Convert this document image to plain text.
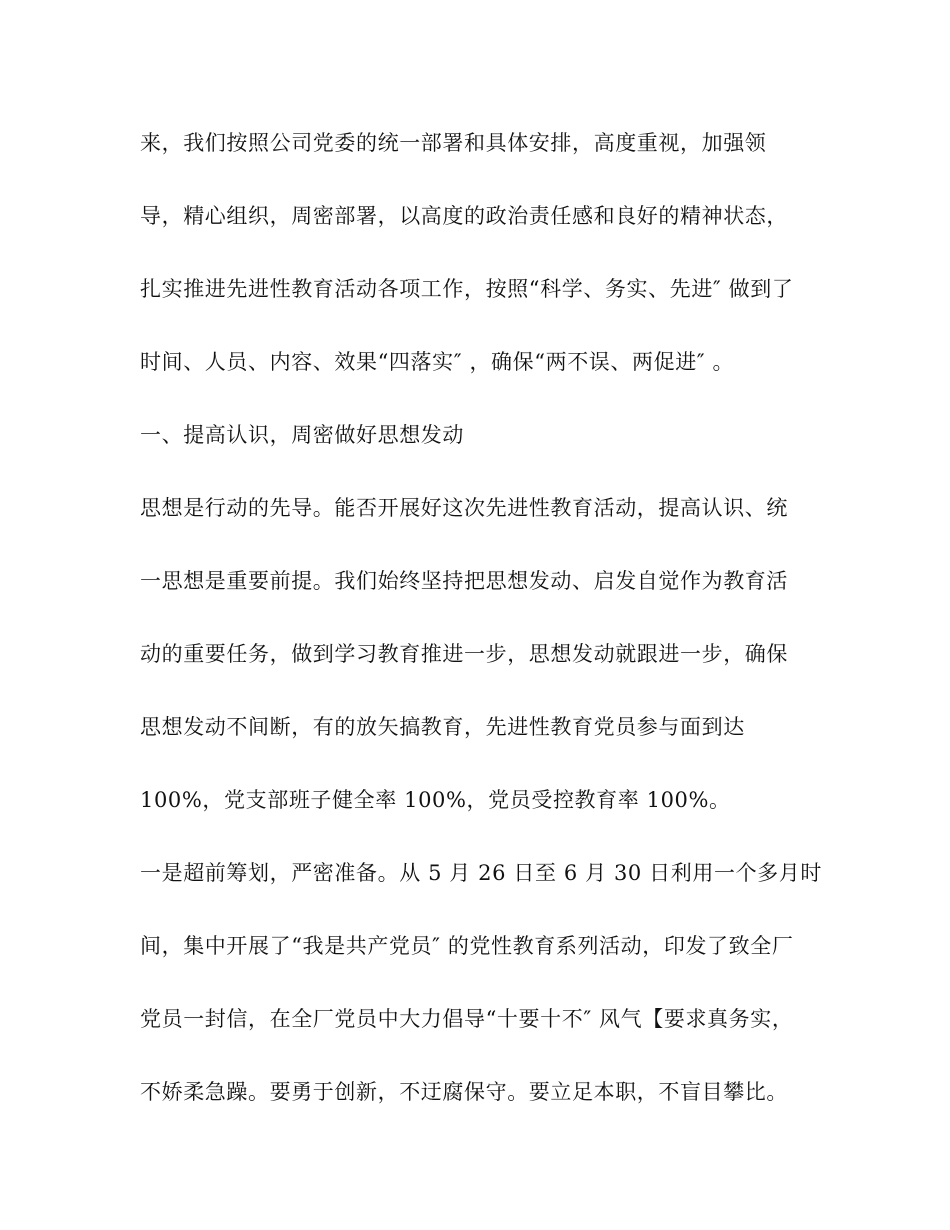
来，我们按照公司党委的统一部署和具体安排，高度重视，加强领
导，精心组织，周密部署，以高度的政治责任感和良好的精神状态，
扎实推进先进性教育活动各项工作，按照“科学、务实、先进″ 做到了
时间、人员、内容、效果“四落实″ ，确保“两不误、两促进″ 。
一、提高认识，周密做好思想发动
思想是行动的先导。能否开展好这次先进性教育活动，提高认识、统
一思想是重要前提。我们始终坚持把思想发动、启发自觉作为教育活
动的重要任务，做到学习教育推进一步，思想发动就跟进一步，确保
思想发动不间断，有的放矢搞教育，先进性教育党员参与面到达
100%，党支部班子健全率 100%，党员受控教育率 100%。
一是超前筹划，严密准备。从 5 月 26 日至 6 月 30 日利用一个多月时
间，集中开展了“我是共产党员″ 的党性教育系列活动，印发了致全厂
党员一封信，在全厂党员中大力倡导“十要十不″ 风气【要求真务实，
不娇柔急躁。要勇于创新，不迂腐保守。要立足本职，不盲目攀比。
